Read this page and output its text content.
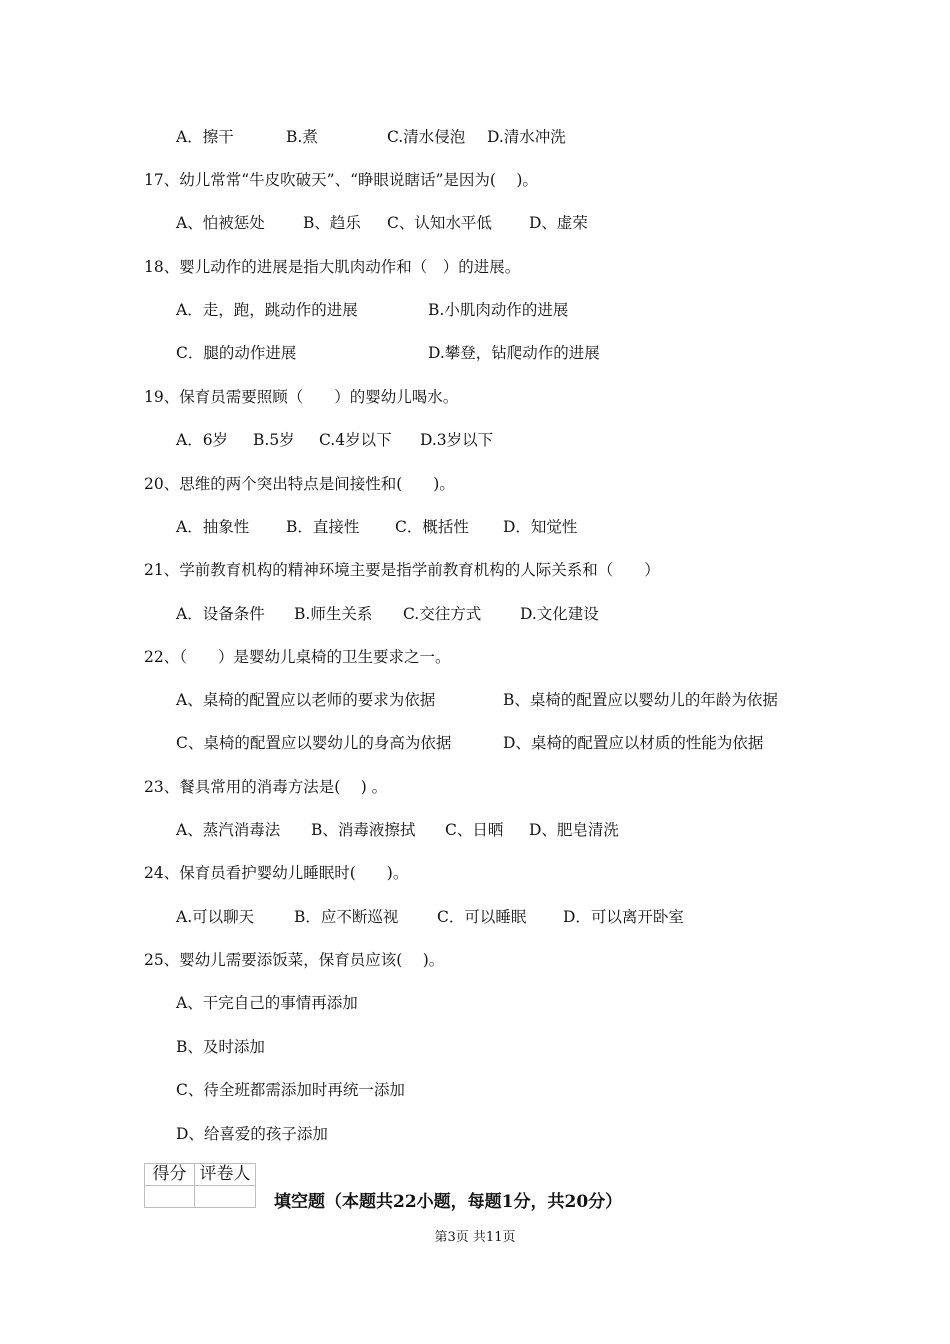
A．擦干	B.煮	C.清水侵泡 D.清水冲洗
17、幼儿常常“牛皮吹破天”、“睁眼说瞎话”是因为(　 )。
A、怕被惩处 B、趋乐 C、认知水平低 D、虚荣
18、婴儿动作的进展是指大肌肉动作和（　）的进展。
A．走，跑，跳动作的进展	B.小肌肉动作的进展
C．腿的动作进展	D.攀登，钻爬动作的进展
19、保育员需要照顾（　　）的婴幼儿喝水。
A．6岁 B.5岁 C.4岁以下 D.3岁以下
20、思维的两个突出特点是间接性和(　　)。
A．抽象性 B．直接性 C．概括性 D．知觉性
21、学前教育机构的精神环境主要是指学前教育机构的人际关系和（　　）
A．设备条件 B.师生关系 C.交往方式	D.文化建设
22、（　　）是婴幼儿桌椅的卫生要求之一。
A、桌椅的配置应以老师的要求为依据	B、桌椅的配置应以婴幼儿的年龄为依据
C、桌椅的配置应以婴幼儿的身高为依据	D、桌椅的配置应以材质的性能为依据
23、餐具常用的消毒方法是(　 ) 。
A、蒸汽消毒法 B、消毒液擦拭 C、日晒 D、肥皂清洗
24、保育员看护婴幼儿睡眠时(　　)。
A.可以聊天	B．应不断巡视 C．可以睡眠 D．可以离开卧室
25、婴幼儿需要添饭菜，保育员应该(　 )。
A、干完自己的事情再添加
B、及时添加
C、待全班都需添加时再统一添加
D、给喜爱的孩子添加
得分	评卷人

填空题（本题共22小题，每题1分，共20分）
第3页 共11页
